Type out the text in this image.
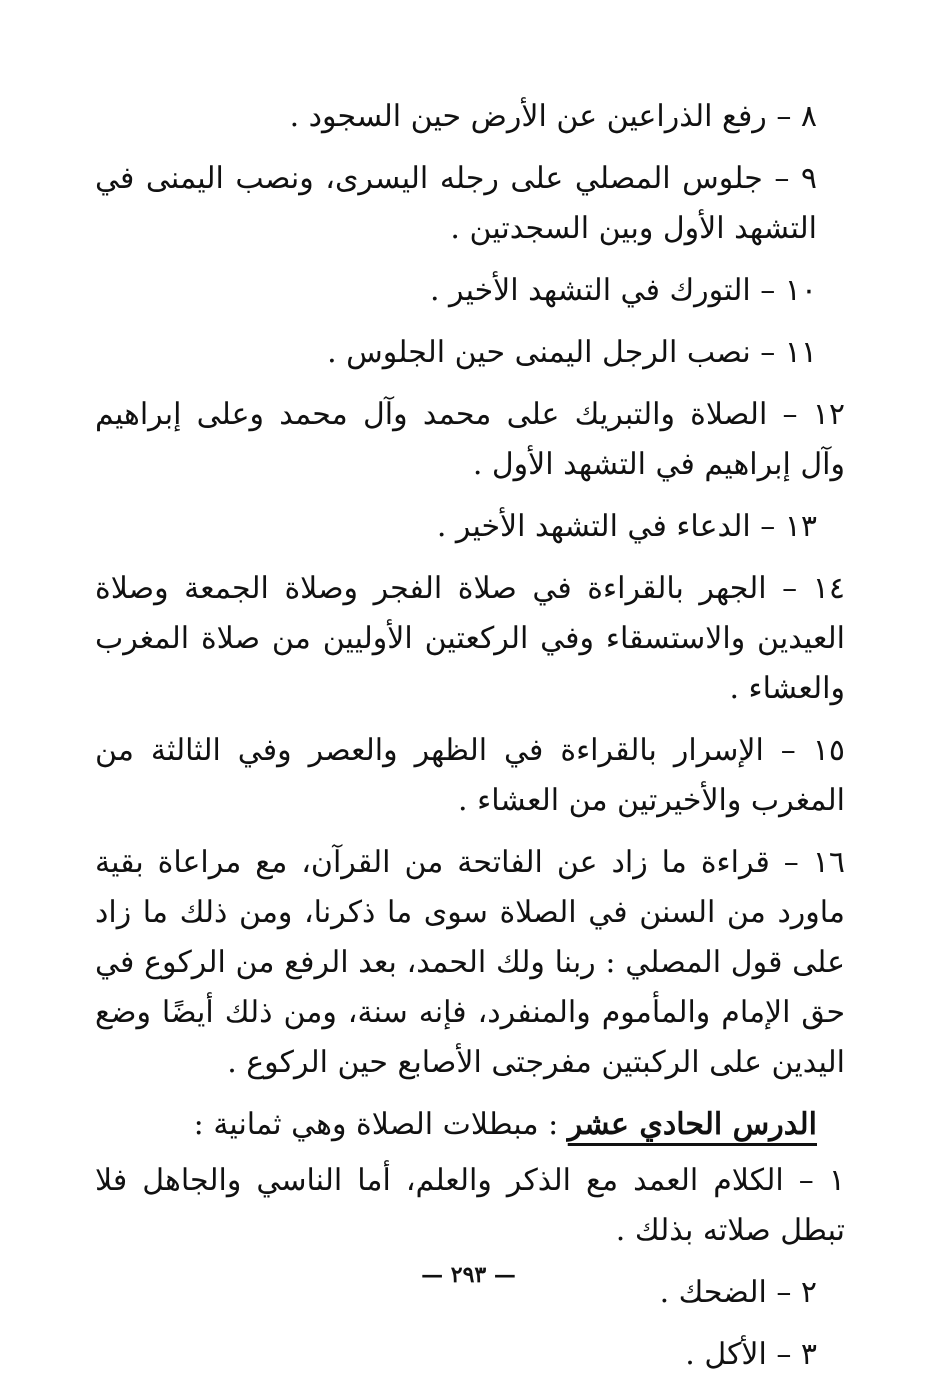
٨ – رفع الذراعين عن الأرض حين السجود .

٩ – جلوس المصلي على رجله اليسرى، ونصب اليمنى في التشهد الأول وبين السجدتين .

١٠ – التورك في التشهد الأخير .

١١ – نصب الرجل اليمنى حين الجلوس .

١٢ – الصلاة والتبريك على محمد وآل محمد وعلى إبراهيم وآل إبراهيم في التشهد الأول .

١٣ – الدعاء في التشهد الأخير .

١٤ – الجهر بالقراءة في صلاة الفجر وصلاة الجمعة وصلاة العيدين والاستسقاء وفي الركعتين الأوليين من صلاة المغرب والعشاء .

١٥ – الإسرار بالقراءة في الظهر والعصر وفي الثالثة من المغرب والأخيرتين من العشاء .

١٦ – قراءة ما زاد عن الفاتحة من القرآن، مع مراعاة بقية ماورد من السنن في الصلاة سوى ما ذكرنا، ومن ذلك ما زاد على قول المصلي : ربنا ولك الحمد، بعد الرفع من الركوع في حق الإمام والمأموم والمنفرد، فإنه سنة، ومن ذلك أيضًا وضع اليدين على الركبتين مفرجتى الأصابع حين الركوع .

الدرس الحادي عشر : مبطلات الصلاة وهي ثمانية :

١ – الكلام العمد مع الذكر والعلم، أما الناسي والجاهل فلا تبطل صلاته بذلك .

٢ – الضحك .

٣ – الأكل .

— ٢٩٣ —
